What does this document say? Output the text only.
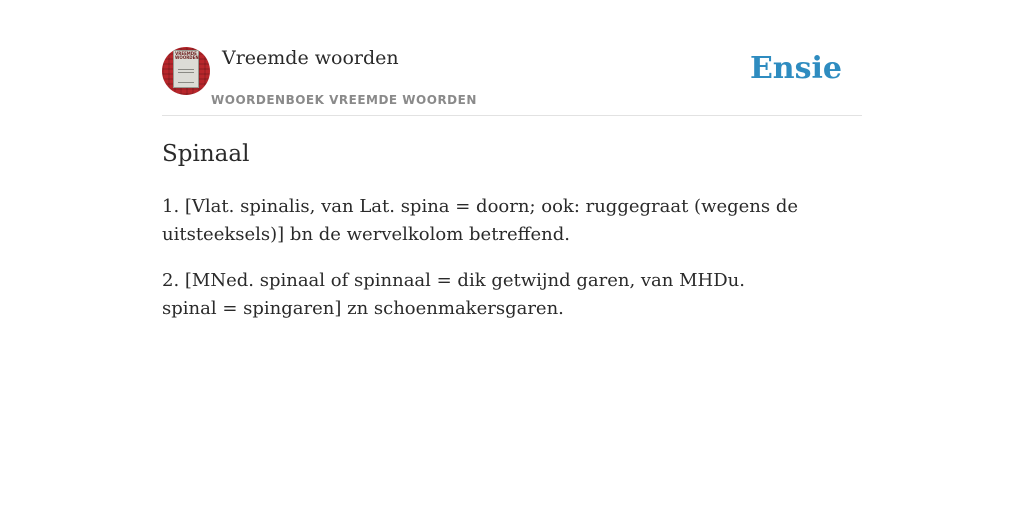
VREEMDE WOORDEN Vreemde woorden
WOORDENBOEK VREEMDE WOORDEN
Ensie
Spinaal

1. [Vlat. spinalis, van Lat. spina = doorn; ook: ruggegraat (wegens de uitsteeksels)] bn de wervelkolom betreffend.

2. [MNed. spinaal of spinnaal = dik getwijnd garen, van MHDu. spinal = spingaren] zn schoenmakersgaren.
